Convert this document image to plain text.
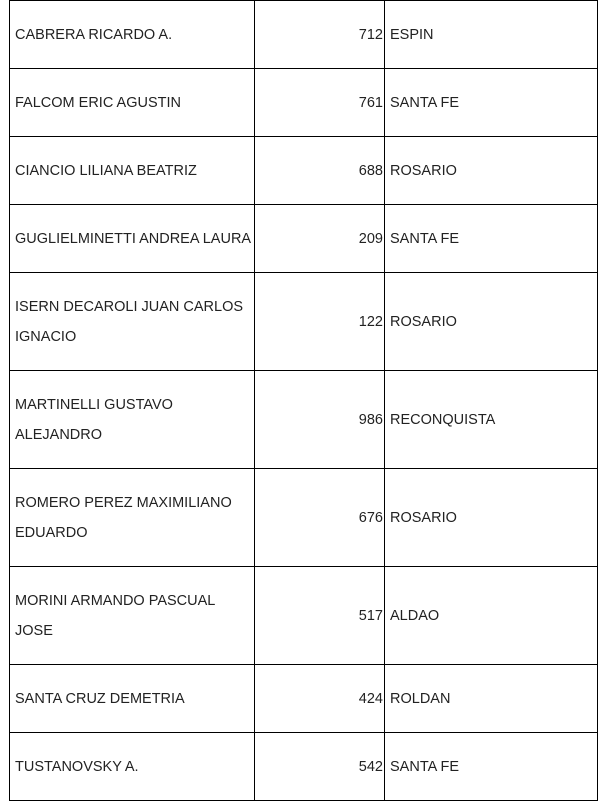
CABRERA RICARDO A.	712	ESPIN
FALCOM ERIC AGUSTIN	761	SANTA FE
CIANCIO LILIANA BEATRIZ	688	ROSARIO
GUGLIELMINETTI ANDREA LAURA	209	SANTA FE
ISERN DECAROLI JUAN CARLOS IGNACIO	122	ROSARIO
MARTINELLI GUSTAVO ALEJANDRO	986	RECONQUISTA
ROMERO PEREZ MAXIMILIANO EDUARDO	676	ROSARIO
MORINI ARMANDO PASCUAL JOSE	517	ALDAO
SANTA CRUZ DEMETRIA	424	ROLDAN
TUSTANOVSKY A.	542	SANTA FE
